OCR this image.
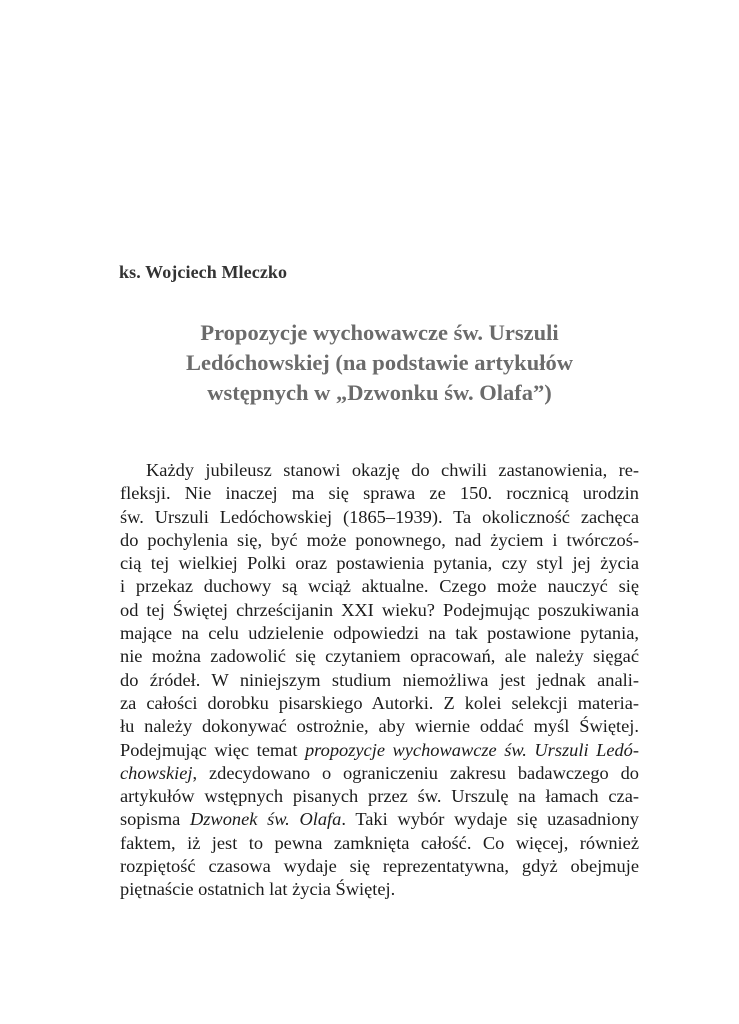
ks. Wojciech Mleczko
Propozycje wychowawcze św. Urszuli
Ledóchowskiej (na podstawie artykułów
wstępnych w „Dzwonku św. Olafa”)
Każdy jubileusz stanowi okazję do chwili zastanowienia, re-
fleksji. Nie inaczej ma się sprawa ze 150. rocznicą urodzin
św. Urszuli Ledóchowskiej (1865–1939). Ta okoliczność zachęca
do pochylenia się, być może ponownego, nad życiem i twórczoś-
cią tej wielkiej Polki oraz postawienia pytania, czy styl jej życia
i przekaz duchowy są wciąż aktualne. Czego może nauczyć się
od tej Świętej chrześcijanin XXI wieku? Podejmując poszukiwania
mające na celu udzielenie odpowiedzi na tak postawione pytania,
nie można zadowolić się czytaniem opracowań, ale należy sięgać
do źródeł. W niniejszym studium niemożliwa jest jednak anali-
za całości dorobku pisarskiego Autorki. Z kolei selekcji materia-
łu należy dokonywać ostrożnie, aby wiernie oddać myśl Świętej.
Podejmując więc temat propozycje wychowawcze św. Urszuli Ledó-
chowskiej, zdecydowano o ograniczeniu zakresu badawczego do
artykułów wstępnych pisanych przez św. Urszulę na łamach cza-
sopisma Dzwonek św. Olafa. Taki wybór wydaje się uzasadniony
faktem, iż jest to pewna zamknięta całość. Co więcej, również
rozpiętość czasowa wydaje się reprezentatywna, gdyż obejmuje
piętnaście ostatnich lat życia Świętej.
